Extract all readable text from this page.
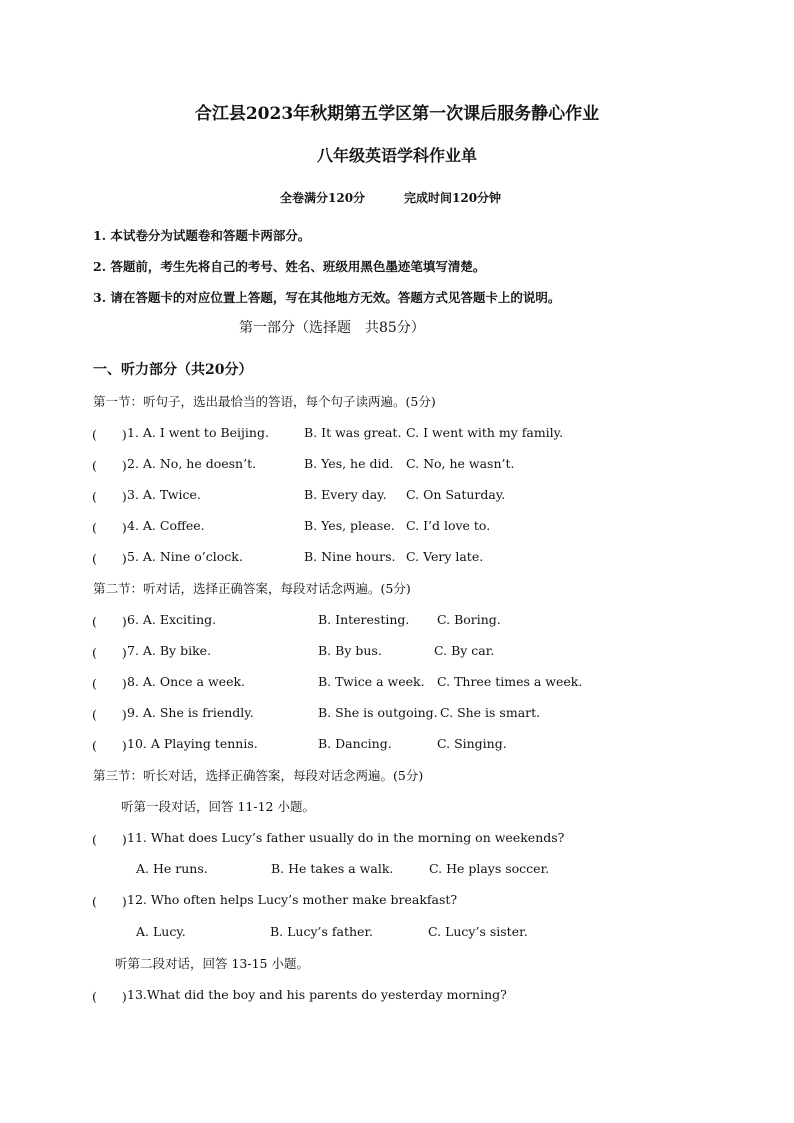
合江县2023年秋期第五学区第一次课后服务静心作业
八年级英语学科作业单
全卷满分120分	完成时间120分钟
1. 本试卷分为试题卷和答题卡两部分。
2. 答题前，考生先将自己的考号、姓名、班级用黑色墨迹笔填写清楚。
3. 请在答题卡的对应位置上答题，写在其他地方无效。答题方式见答题卡上的说明。
第一部分（选择题　共85分）
一、听力部分（共20分）
第一节：听句子，选出最恰当的答语，每个句子读两遍。(5分)
(　　) 1. A. I went to Beijing.	B. It was great. C. I went with my family.
(　　) 2. A. No, he doesn’t.	B. Yes, he did. C. No, he wasn’t.
(　　) 3. A. Twice.	B. Every day. C. On Saturday.
(　　) 4. A. Coffee.	B. Yes, please. C. I’d love to.
(　　) 5. A. Nine o’clock.	B. Nine hours. C. Very late.
第二节：听对话，选择正确答案，每段对话念两遍。(5分)
(　　) 6. A. Exciting.	B. Interesting. C. Boring.
(　　) 7. A. By bike.	B. By bus.	C. By car.
(　　) 8. A. Once a week.	B. Twice a week. C. Three times a week.
(　　) 9. A. She is friendly.	B. She is outgoing. C. She is smart.
(　　) 10. A Playing tennis.	B. Dancing.	C. Singing.
第三节：听长对话，选择正确答案，每段对话念两遍。(5分)
听第一段对话，回答 11-12 小题。
(　　) 11. What does Lucy’s father usually do in the morning on weekends?
A. He runs.	B. He takes a walk.	C. He plays soccer.
(　　) 12. Who often helps Lucy’s mother make breakfast?
A. Lucy.	B. Lucy’s father.	C. Lucy’s sister.
听第二段对话，回答 13-15 小题。
(　　) 13.What did the boy and his parents do yesterday morning?
